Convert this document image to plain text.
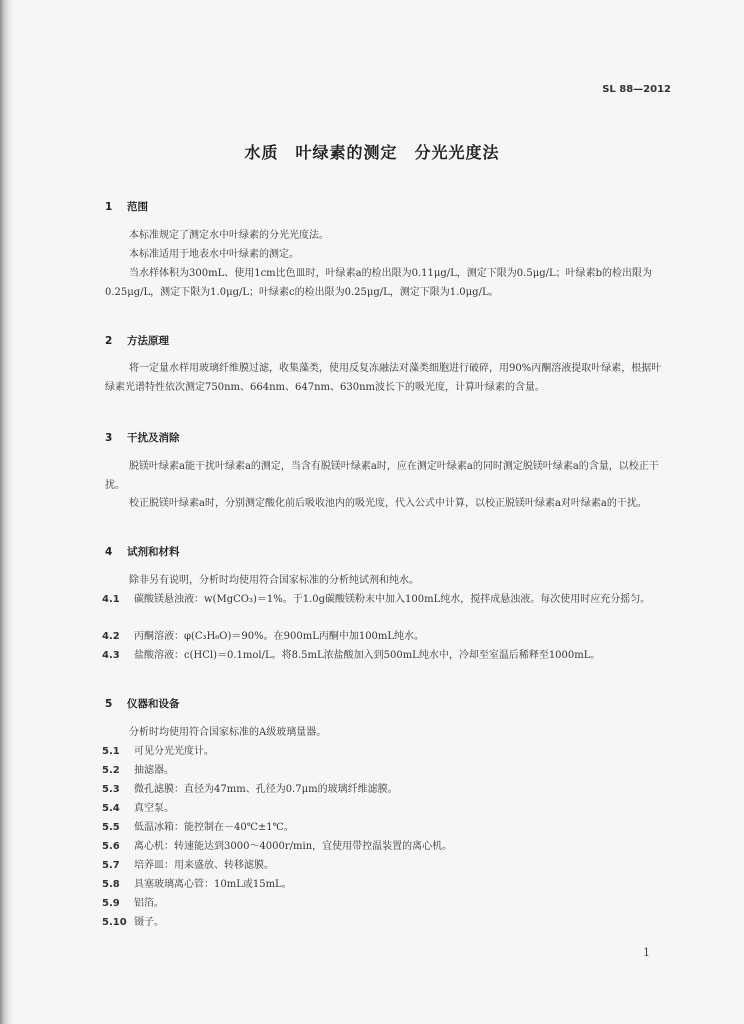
SL 88—2012
水质　叶绿素的测定　分光光度法
1 范围
本标准规定了测定水中叶绿素的分光光度法。
本标准适用于地表水中叶绿素的测定。
当水样体积为300mL、使用1cm比色皿时，叶绿素a的检出限为0.11μg/L，测定下限为0.5μg/L；叶绿素b的检出限为0.25μg/L，测定下限为1.0μg/L；叶绿素c的检出限为0.25μg/L，测定下限为1.0μg/L。
2 方法原理
将一定量水样用玻璃纤维膜过滤，收集藻类，使用反复冻融法对藻类细胞进行破碎，用90%丙酮溶液提取叶绿素，根据叶绿素光谱特性依次测定750nm、664nm、647nm、630nm波长下的吸光度，计算叶绿素的含量。
3 干扰及消除
脱镁叶绿素a能干扰叶绿素a的测定，当含有脱镁叶绿素a时，应在测定叶绿素a的同时测定脱镁叶绿素a的含量，以校正干扰。
校正脱镁叶绿素a时，分别测定酸化前后吸收池内的吸光度，代入公式中计算，以校正脱镁叶绿素a对叶绿素a的干扰。
4 试剂和材料
除非另有说明，分析时均使用符合国家标准的分析纯试剂和纯水。
4.1 碳酸镁悬浊液：w(MgCO₃)＝1%。于1.0g碳酸镁粉末中加入100mL纯水，搅拌成悬浊液。每次使用时应充分摇匀。
4.2 丙酮溶液：φ(C₃H₆O)＝90%。在900mL丙酮中加100mL纯水。
4.3 盐酸溶液：c(HCl)＝0.1mol/L。将8.5mL浓盐酸加入到500mL纯水中，冷却至室温后稀释至1000mL。
5 仪器和设备
分析时均使用符合国家标准的A级玻璃量器。
5.1 可见分光光度计。
5.2 抽滤器。
5.3 微孔滤膜：直径为47mm、孔径为0.7μm的玻璃纤维滤膜。
5.4 真空泵。
5.5 低温冰箱：能控制在－40℃±1℃。
5.6 离心机：转速能达到3000～4000r/min，宜使用带控温装置的离心机。
5.7 培养皿：用来盛放、转移滤膜。
5.8 具塞玻璃离心管：10mL或15mL。
5.9 铝箔。
5.10 镊子。
1
